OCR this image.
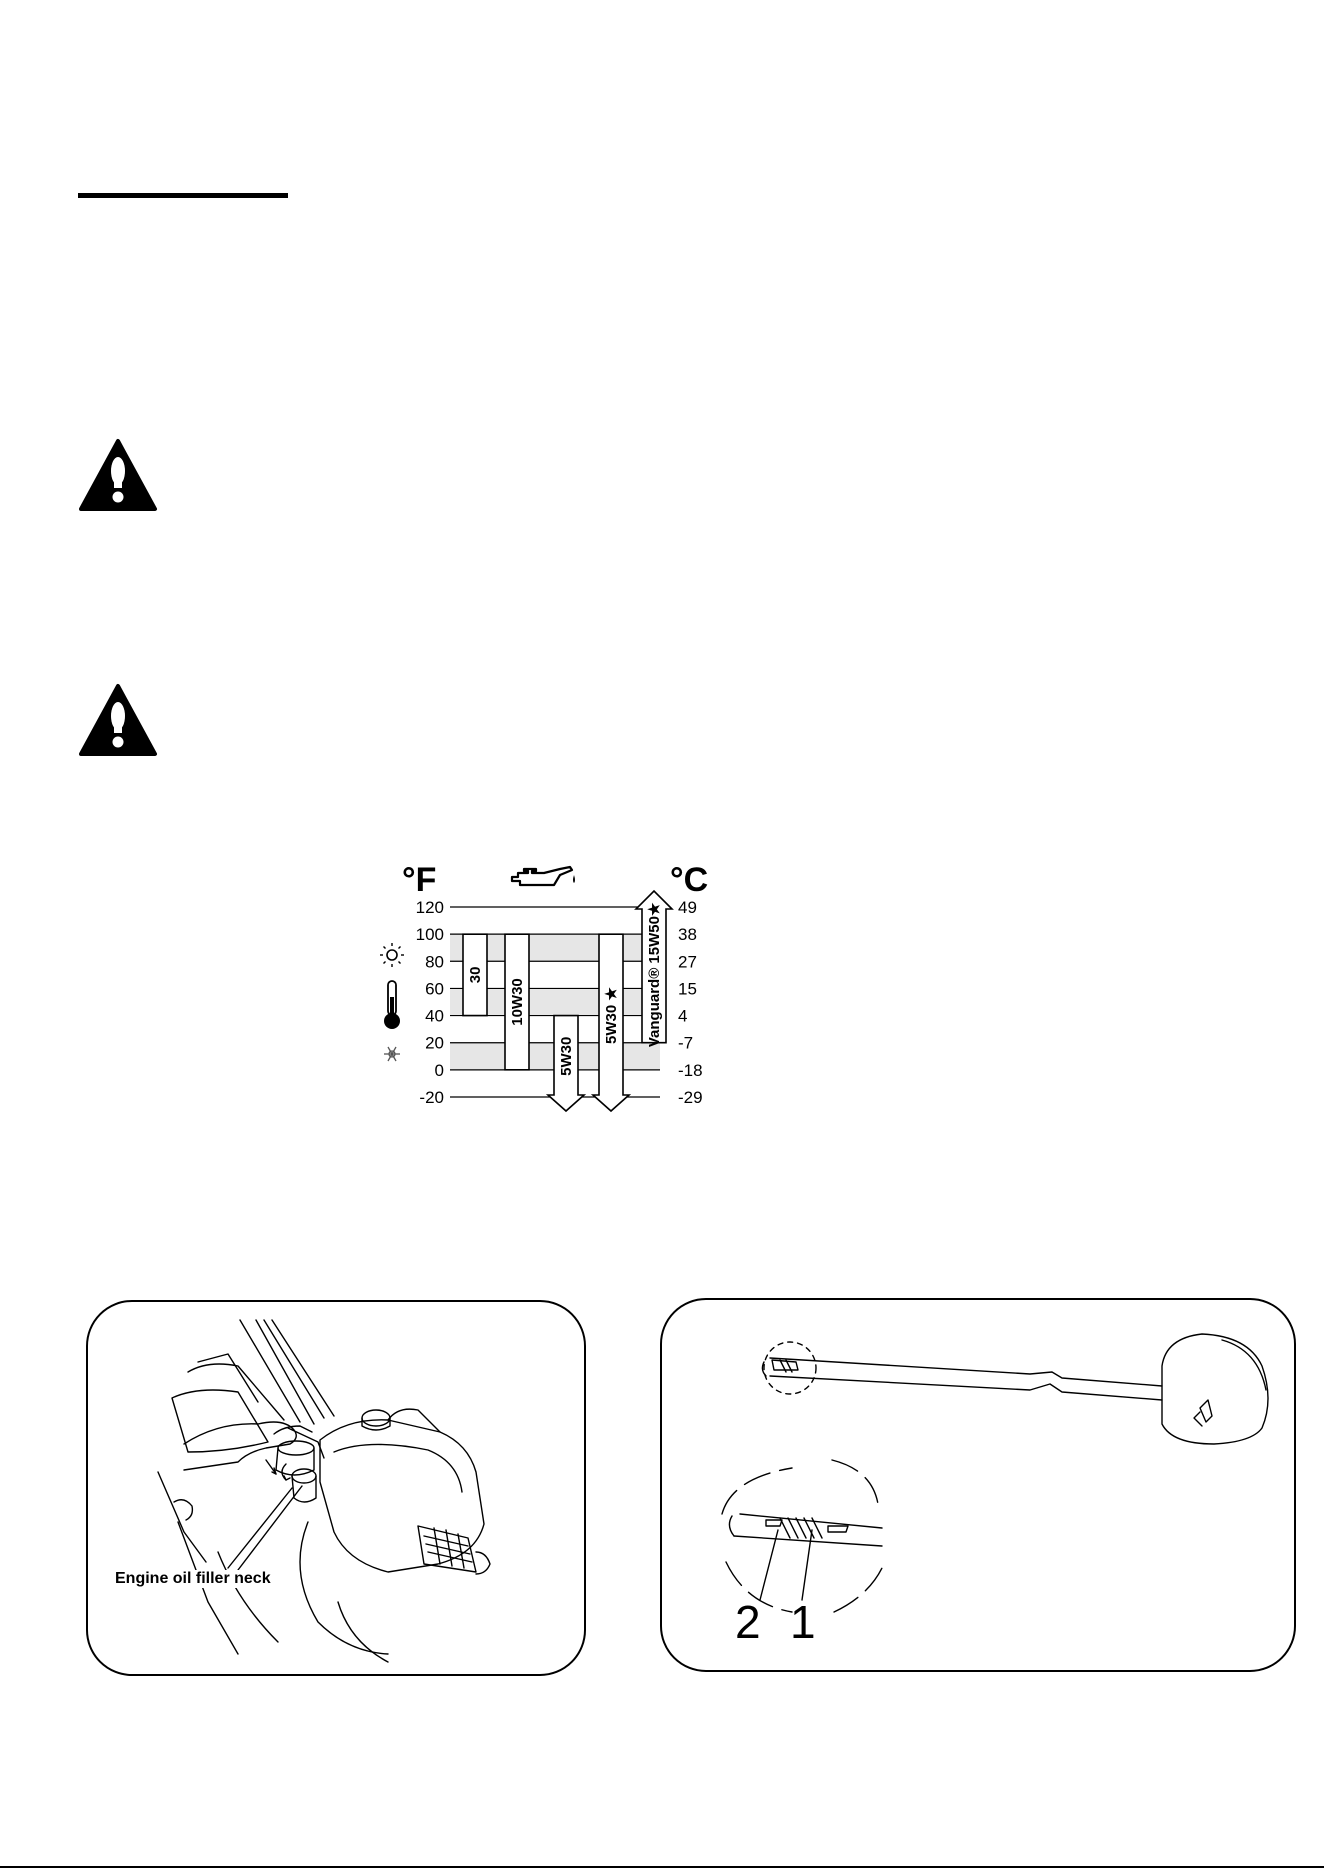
°F	°C
120
100
80
60
40
20
0
-20
49
38
27
15
4
-7
-18
-29
30
10W30
5W30
5W30 ★ Vanguard® 15W50★
Engine oil filler neck
2 1
